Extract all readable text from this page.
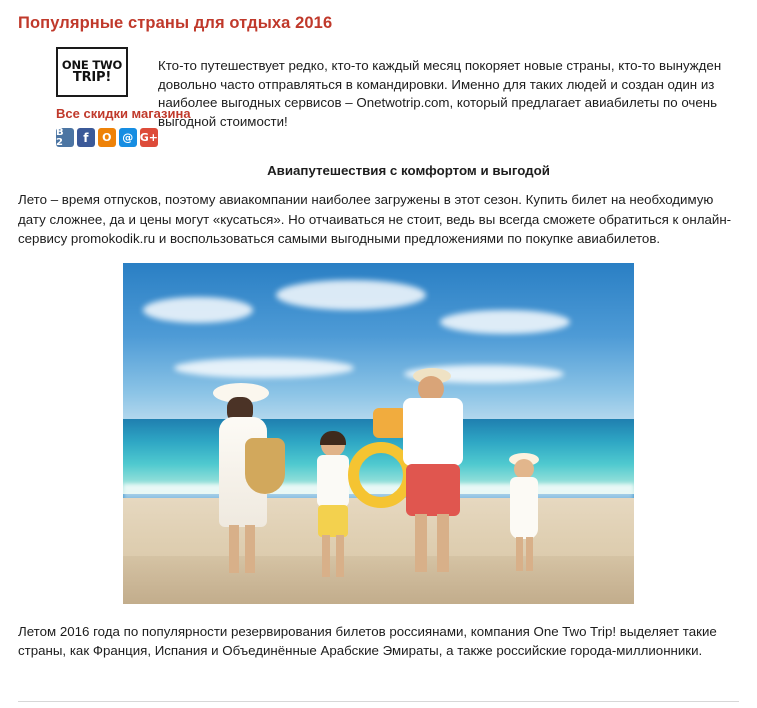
Популярные страны для отдыха 2016
ONE TWO
TRIP!
Все скидки магазина
B 2	f	O @ G+
Кто-то путешествует редко, кто-то каждый месяц покоряет новые страны, кто-то вынужден довольно часто отправляться в командировки. Именно для таких людей и создан один из наиболее выгодных сервисов – Onetwotrip.com, который предлагает авиабилеты по очень выгодной стоимости!
Авиапутешествия с комфортом и выгодой
Лето – время отпусков, поэтому авиакомпании наиболее загружены в этот сезон. Купить билет на необходимую дату сложнее, да и цены могут «кусаться». Но отчаиваться не стоит, ведь вы всегда сможете обратиться к онлайн-сервису promokodik.ru и воспользоваться самыми выгодными предложениями по покупке авиабилетов.
Летом 2016 года по популярности резервирования билетов россиянами, компания One Two Trip! выделяет такие страны, как Франция, Испания и Объединённые Арабские Эмираты, а также российские города-миллионники.
